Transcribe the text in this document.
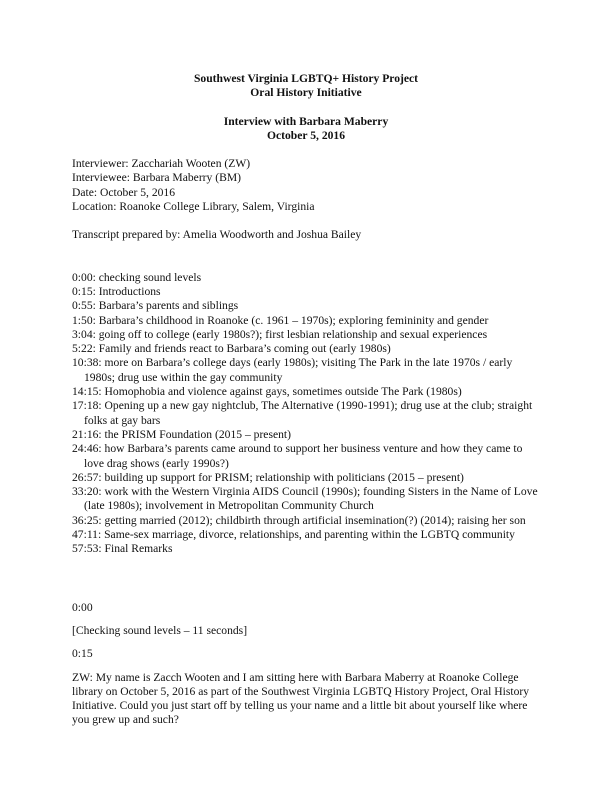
Southwest Virginia LGBTQ+ History Project

Oral History Initiative

Interview with Barbara Maberry

October 5, 2016

Interviewer: Zacchariah Wooten (ZW)

Interviewee: Barbara Maberry (BM)

Date: October 5, 2016

Location: Roanoke College Library, Salem, Virginia

Transcript prepared by: Amelia Woodworth and Joshua Bailey

0:00: checking sound levels
0:15: Introductions
0:55: Barbara’s parents and siblings
1:50: Barbara’s childhood in Roanoke (c. 1961 – 1970s); exploring femininity and gender
3:04: going off to college (early 1980s?); first lesbian relationship and sexual experiences
5:22: Family and friends react to Barbara’s coming out (early 1980s)
10:38: more on Barbara’s college days (early 1980s); visiting The Park in the late 1970s / early 1980s; drug use within the gay community
14:15: Homophobia and violence against gays, sometimes outside The Park (1980s)
17:18: Opening up a new gay nightclub, The Alternative (1990-1991); drug use at the club; straight folks at gay bars
21:16: the PRISM Foundation (2015 – present)
24:46: how Barbara’s parents came around to support her business venture and how they came to love drag shows (early 1990s?)
26:57: building up support for PRISM; relationship with politicians (2015 – present)
33:20: work with the Western Virginia AIDS Council (1990s); founding Sisters in the Name of Love (late 1980s); involvement in Metropolitan Community Church
36:25: getting married (2012); childbirth through artificial insemination(?) (2014); raising her son
47:11: Same-sex marriage, divorce, relationships, and parenting within the LGBTQ community
57:53: Final Remarks

0:00

[Checking sound levels – 11 seconds]

0:15

ZW: My name is Zacch Wooten and I am sitting here with Barbara Maberry at Roanoke College library on October 5, 2016 as part of the Southwest Virginia LGBTQ History Project, Oral History Initiative. Could you just start off by telling us your name and a little bit about yourself like where you grew up and such?
